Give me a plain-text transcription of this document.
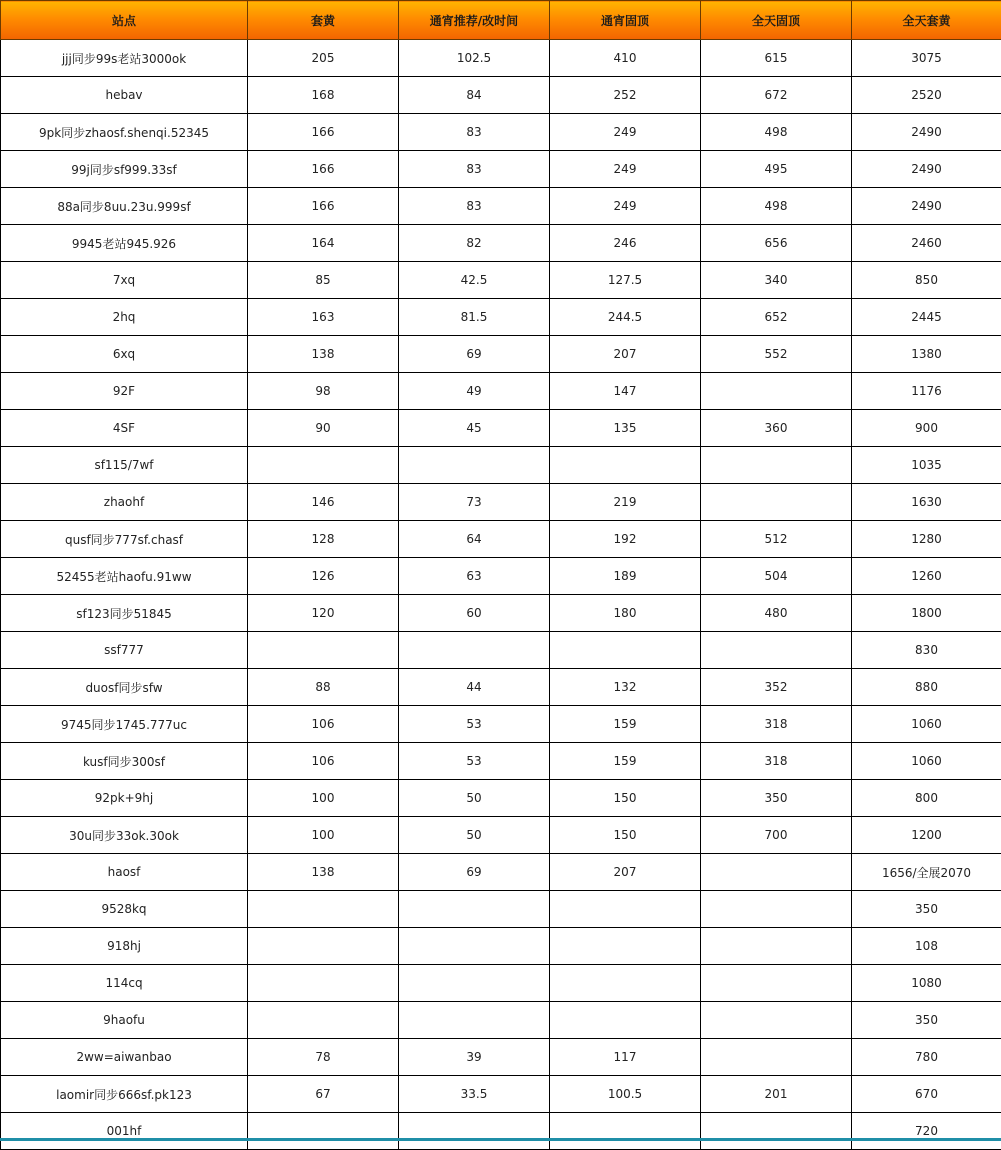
站点	套黄	通宵推荐/改时间	通宵固顶	全天固顶	全天套黄
jjj同步99s老站3000ok	205	102.5	410	615	3075
hebav	168	84	252	672	2520
9pk同步zhaosf.shenqi.52345	166	83	249	498	2490
99j同步sf999.33sf	166	83	249	495	2490
88a同步8uu.23u.999sf	166	83	249	498	2490
9945老站945.926	164	82	246	656	2460
7xq	85	42.5	127.5	340	850
2hq	163	81.5	244.5	652	2445
6xq	138	69	207	552	1380
92F	98	49	147		1176
4SF	90	45	135	360	900
sf115/7wf					1035
zhaohf	146	73	219		1630
qusf同步777sf.chasf	128	64	192	512	1280
52455老站haofu.91ww	126	63	189	504	1260
sf123同步51845	120	60	180	480	1800
ssf777					830
duosf同步sfw	88	44	132	352	880
9745同步1745.777uc	106	53	159	318	1060
kusf同步300sf	106	53	159	318	1060
92pk+9hj	100	50	150	350	800
30u同步33ok.30ok	100	50	150	700	1200
haosf	138	69	207		1656/全展2070
9528kq					350
918hj					108
114cq					1080
9haofu					350
2ww=aiwanbao	78	39	117		780
laomir同步666sf.pk123	67	33.5	100.5	201	670
001hf					720
